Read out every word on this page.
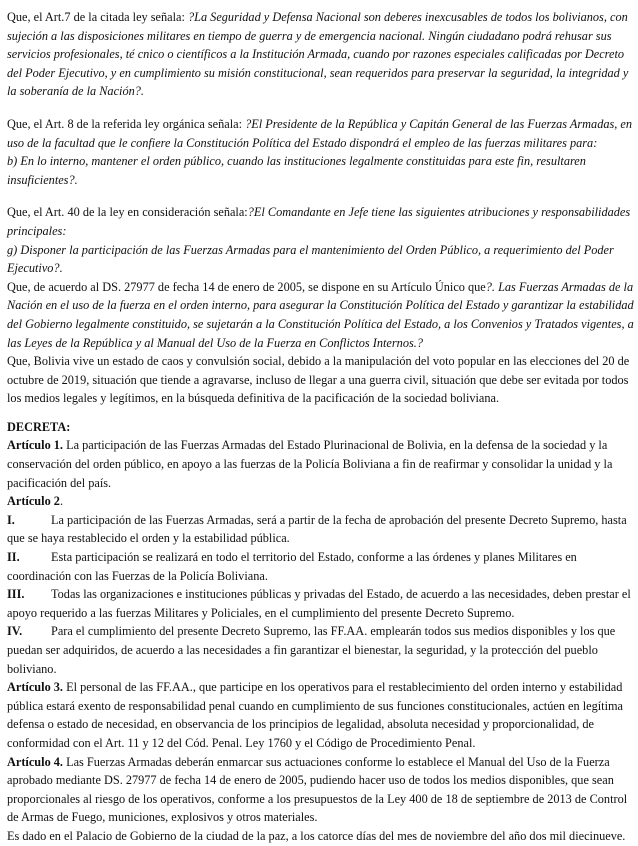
Que, el Art.7 de la citada ley señala: ?La Seguridad y Defensa Nacional son deberes inexcusables de todos los bolivianos, con sujeción a las disposiciones militares en tiempo de guerra y de emergencia nacional. Ningún ciudadano podrá rehusar sus servicios profesionales, té cnico o científicos a la Institución Armada, cuando por razones especiales calificadas por Decreto del Poder Ejecutivo, y en cumplimiento su misión constitucional, sean requeridos para preservar la seguridad, la integridad y la soberanía de la Nación?.

Que, el Art. 8 de la referida ley orgánica señala: ?El Presidente de la República y Capitán General de las Fuerzas Armadas, en uso de la facultad que le confiere la Constitución Política del Estado dispondrá el empleo de las fuerzas militares para:

b) En lo interno, mantener el orden público, cuando las instituciones legalmente constituidas para este fin, resultaren insuficientes?.

Que, el Art. 40 de la ley en consideración señala:?El Comandante en Jefe tiene las siguientes atribuciones y responsabilidades principales:

g) Disponer la participación de las Fuerzas Armadas para el mantenimiento del Orden Público, a requerimiento del Poder Ejecutivo?.

Que, de acuerdo al DS. 27977 de fecha 14 de enero de 2005, se dispone en su Artículo Único que?. Las Fuerzas Armadas de la Nación en el uso de la fuerza en el orden interno, para asegurar la Constitución Política del Estado y garantizar la estabilidad del Gobierno legalmente constituido, se sujetarán a la Constitución Política del Estado, a los Convenios y Tratados vigentes, a las Leyes de la República y al Manual del Uso de la Fuerza en Conflictos Internos.?

Que, Bolivia vive un estado de caos y convulsión social, debido a la manipulación del voto popular en las elecciones del 20 de octubre de 2019, situación que tiende a agravarse, incluso de llegar a una guerra civil, situación que debe ser evitada por todos los medios legales y legítimos, en la búsqueda definitiva de la pacificación de la sociedad boliviana.

DECRETA:

Artículo 1. La participación de las Fuerzas Armadas del Estado Plurinacional de Bolivia, en la defensa de la sociedad y la conservación del orden público, en apoyo a las fuerzas de la Policía Boliviana a fin de reafirmar y consolidar la unidad y la pacificación del país.

Artículo 2.

I.	La participación de las Fuerzas Armadas, será a partir de la fecha de aprobación del presente Decreto Supremo, hasta que se haya restablecido el orden y la estabilidad pública.

II.	Esta participación se realizará en todo el territorio del Estado, conforme a las órdenes y planes Militares en coordinación con las Fuerzas de la Policía Boliviana.

III. Todas las organizaciones e instituciones públicas y privadas del Estado, de acuerdo a las necesidades, deben prestar el apoyo requerido a las fuerzas Militares y Policiales, en el cumplimiento del presente Decreto Supremo.

IV. Para el cumplimiento del presente Decreto Supremo, las FF.AA. emplearán todos sus medios disponibles y los que puedan ser adquiridos, de acuerdo a las necesidades a fin garantizar el bienestar, la seguridad, y la protección del pueblo boliviano.

Artículo 3. El personal de las FF.AA., que participe en los operativos para el restablecimiento del orden interno y estabilidad pública estará exento de responsabilidad penal cuando en cumplimiento de sus funciones constitucionales, actúen en legítima defensa o estado de necesidad, en observancia de los principios de legalidad, absoluta necesidad y proporcionalidad, de conformidad con el Art. 11 y 12 del Cód. Penal. Ley 1760 y el Código de Procedimiento Penal.

Artículo 4. Las Fuerzas Armadas deberán enmarcar sus actuaciones conforme lo establece el Manual del Uso de la Fuerza aprobado mediante DS. 27977 de fecha 14 de enero de 2005, pudiendo hacer uso de todos los medios disponibles, que sean proporcionales al riesgo de los operativos, conforme a los presupuestos de la Ley 400 de 18 de septiembre de 2013 de Control de Armas de Fuego, municiones, explosivos y otros materiales.

Es dado en el Palacio de Gobierno de la ciudad de la paz, a los catorce días del mes de noviembre del año dos mil diecinueve.
